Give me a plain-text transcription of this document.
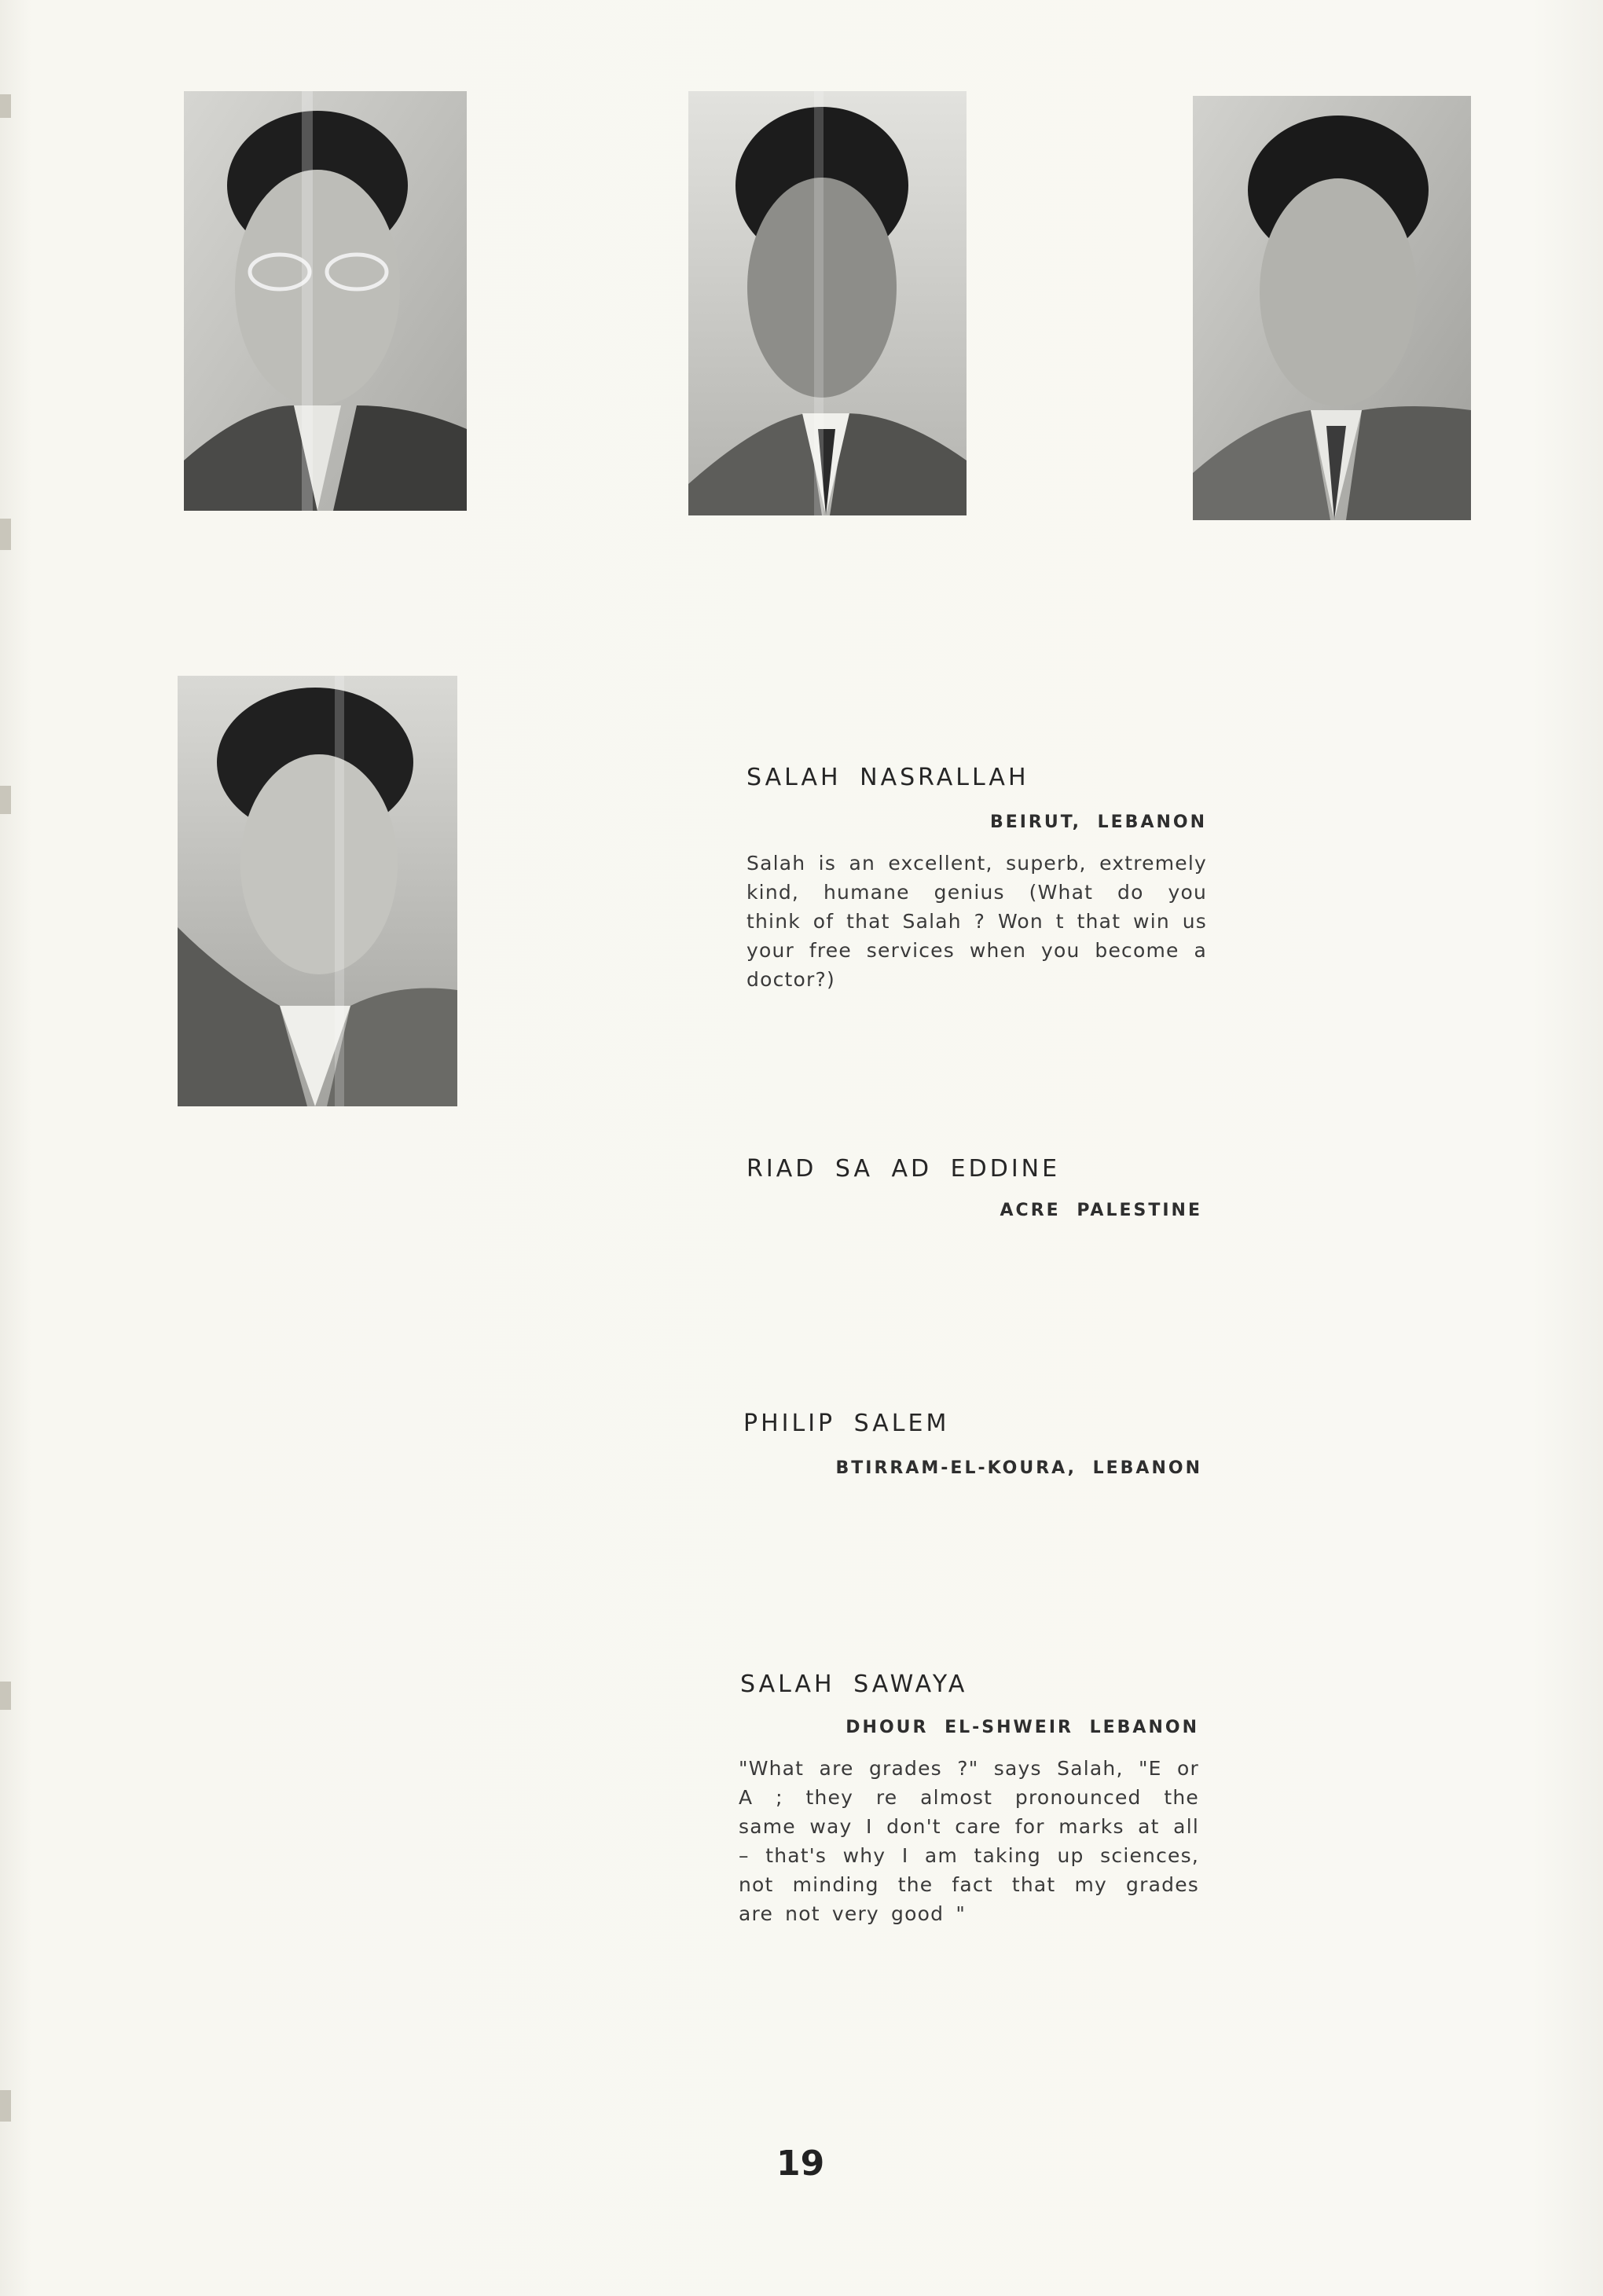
SALAH NASRALLAH
BEIRUT, LEBANON
Salah is an excellent, superb, extremely kind, humane genius (What do you think of that Salah ? Won t that win us your free services when you become a doctor?)
RIAD SA AD EDDINE
ACRE PALESTINE
PHILIP SALEM
BTIRRAM-EL-KOURA, LEBANON
SALAH SAWAYA
DHOUR EL-SHWEIR LEBANON
"What are grades ?" says Salah, "E or A ; they re almost pronounced the same way I don't care for marks at all – that's why I am taking up sciences, not minding the fact that my grades are not very good "
19
